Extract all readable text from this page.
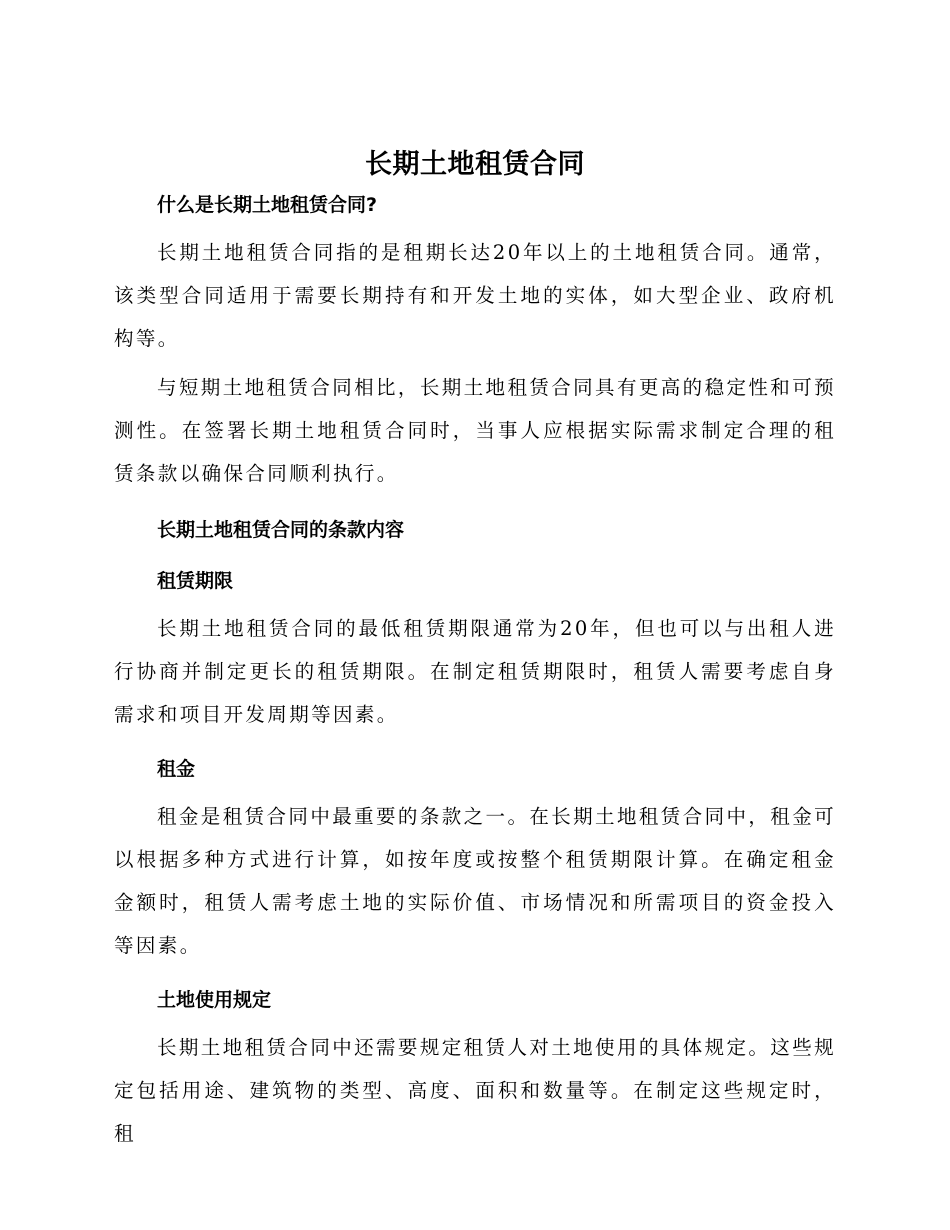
长期土地租赁合同
什么是长期土地租赁合同?

长期土地租赁合同指的是租期长达20年以上的土地租赁合同。通常，该类型合同适用于需要长期持有和开发土地的实体，如大型企业、政府机构等。

与短期土地租赁合同相比，长期土地租赁合同具有更高的稳定性和可预测性。在签署长期土地租赁合同时，当事人应根据实际需求制定合理的租赁条款以确保合同顺利执行。

长期土地租赁合同的条款内容
租赁期限

长期土地租赁合同的最低租赁期限通常为20年，但也可以与出租人进行协商并制定更长的租赁期限。在制定租赁期限时，租赁人需要考虑自身需求和项目开发周期等因素。

租金

租金是租赁合同中最重要的条款之一。在长期土地租赁合同中，租金可以根据多种方式进行计算，如按年度或按整个租赁期限计算。在确定租金金额时，租赁人需考虑土地的实际价值、市场情况和所需项目的资金投入等因素。

土地使用规定

长期土地租赁合同中还需要规定租赁人对土地使用的具体规定。这些规定包括用途、建筑物的类型、高度、面积和数量等。在制定这些规定时，租
